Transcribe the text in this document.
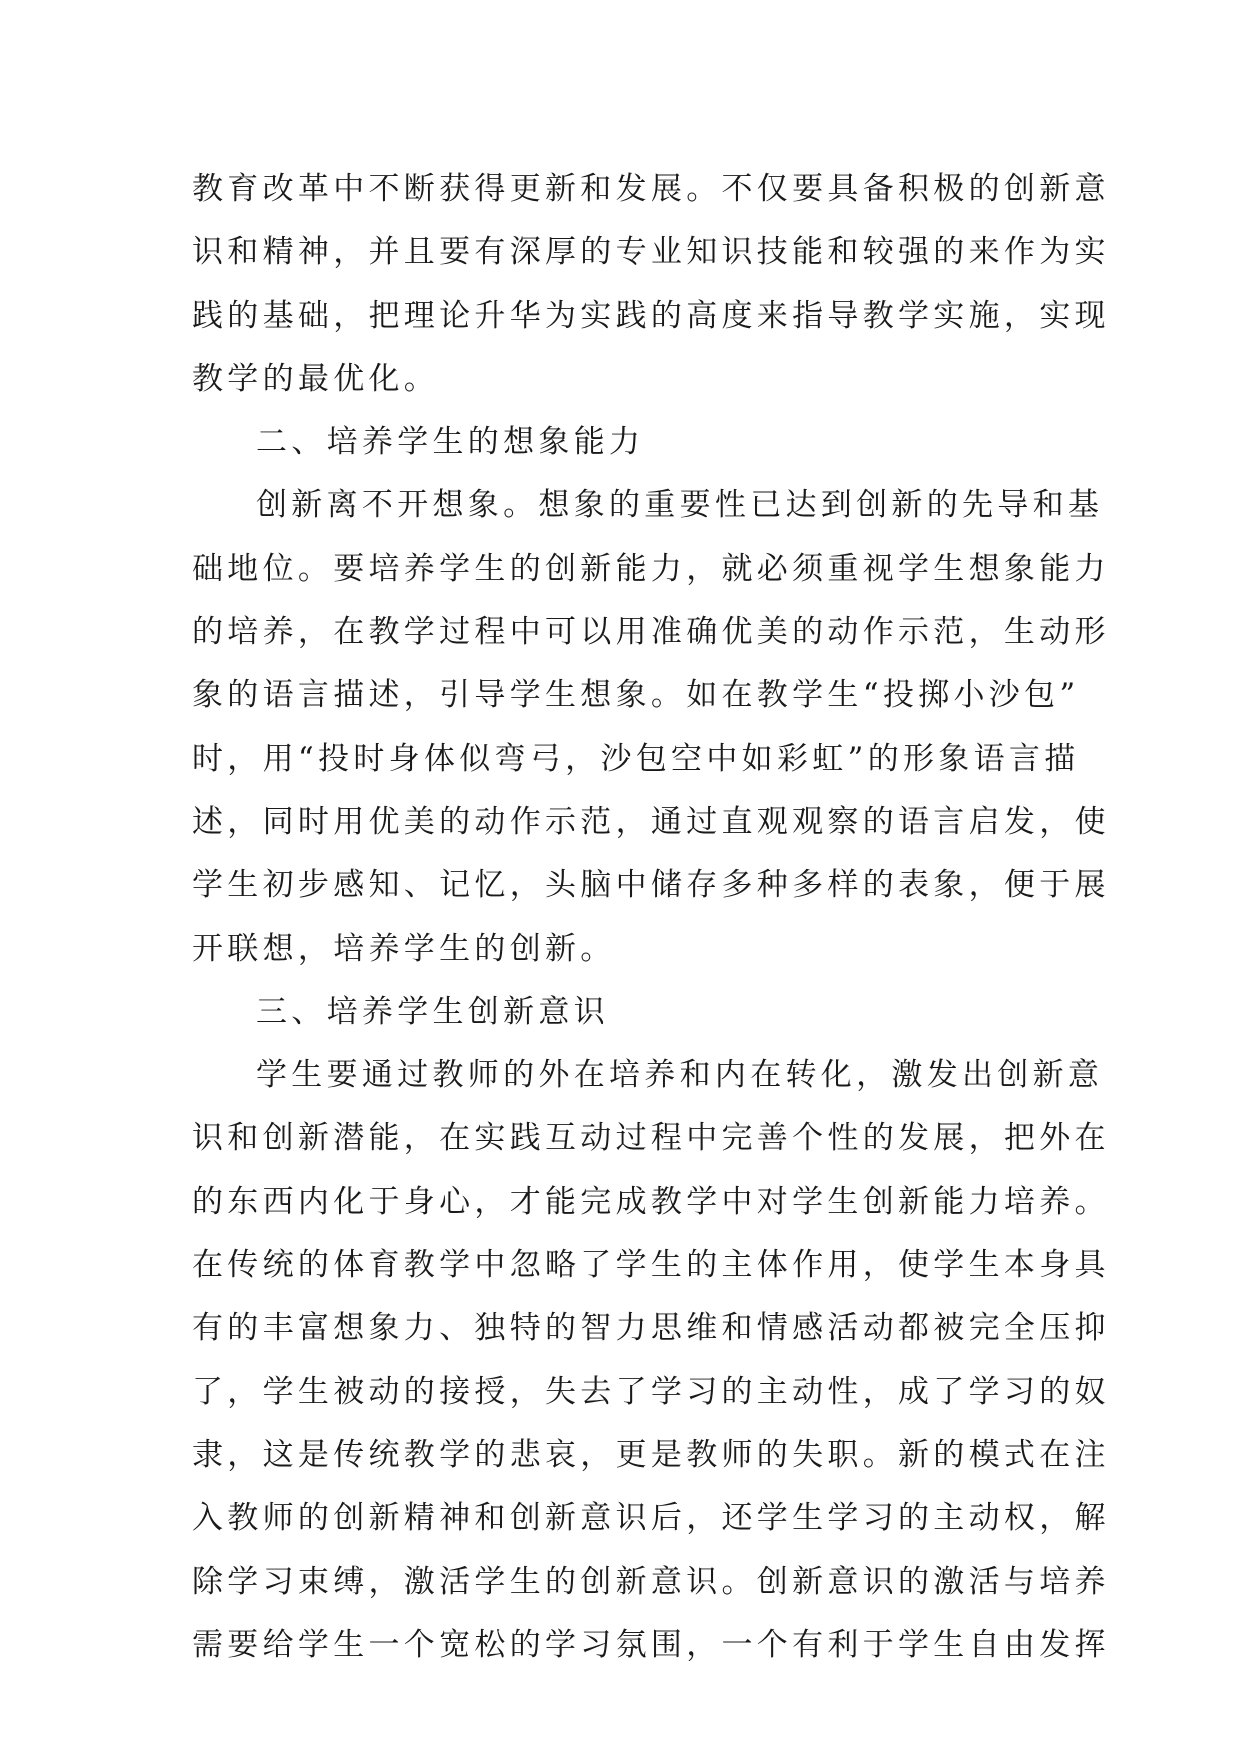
教育改革中不断获得更新和发展。不仅要具备积极的创新意
识和精神，并且要有深厚的专业知识技能和较强的来作为实
践的基础，把理论升华为实践的高度来指导教学实施，实现
教学的最优化。
二、培养学生的想象能力
创新离不开想象。想象的重要性已达到创新的先导和基
础地位。要培养学生的创新能力，就必须重视学生想象能力
的培养，在教学过程中可以用准确优美的动作示范，生动形
象的语言描述，引导学生想象。如在教学生“投掷小沙包”
时，用“投时身体似弯弓，沙包空中如彩虹”的形象语言描
述，同时用优美的动作示范，通过直观观察的语言启发，使
学生初步感知、记忆，头脑中储存多种多样的表象，便于展
开联想，培养学生的创新。
三、培养学生创新意识
学生要通过教师的外在培养和内在转化，激发出创新意
识和创新潜能，在实践互动过程中完善个性的发展，把外在
的东西内化于身心，才能完成教学中对学生创新能力培养。
在传统的体育教学中忽略了学生的主体作用，使学生本身具
有的丰富想象力、独特的智力思维和情感活动都被完全压抑
了，学生被动的接授，失去了学习的主动性，成了学习的奴
隶，这是传统教学的悲哀，更是教师的失职。新的模式在注
入教师的创新精神和创新意识后，还学生学习的主动权，解
除学习束缚，激活学生的创新意识。创新意识的激活与培养
需要给学生一个宽松的学习氛围，一个有利于学生自由发挥
